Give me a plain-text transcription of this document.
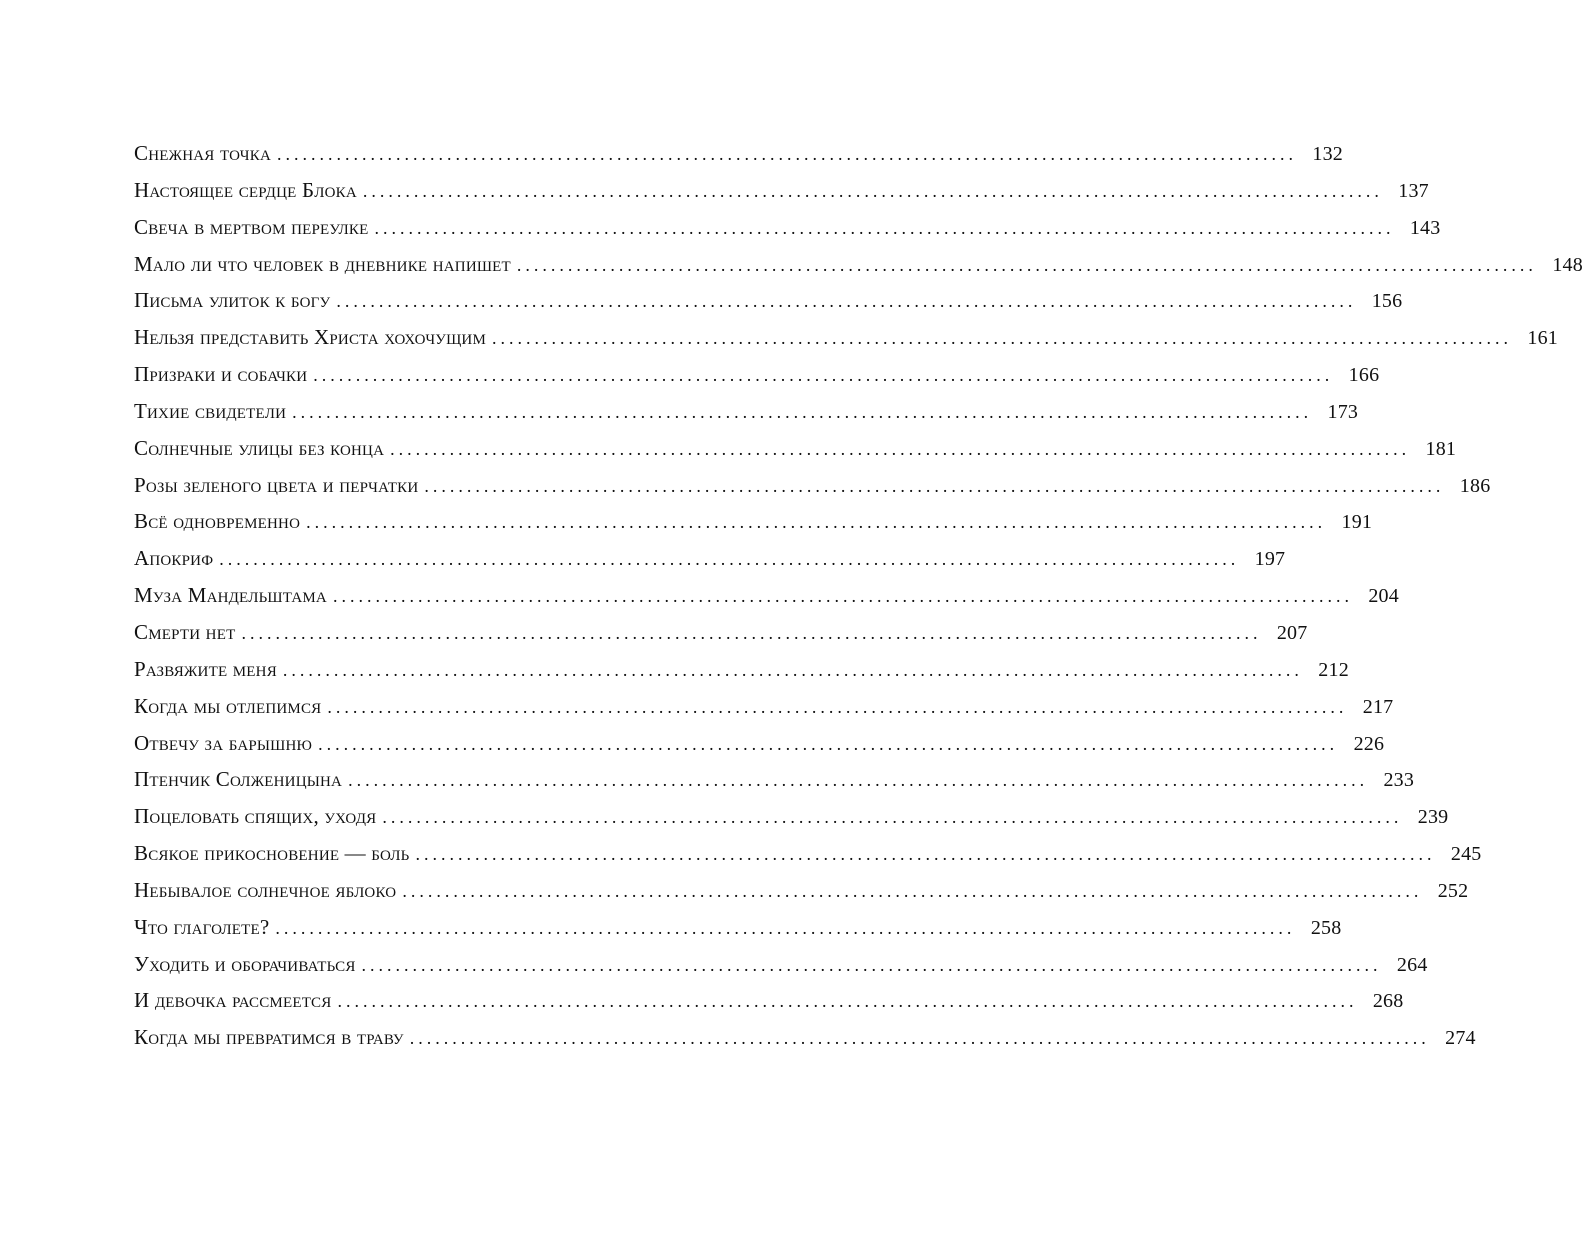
Снежная точка ........................................................................................................................ 132
Настоящее сердце Блока ........................................................................................................................ 137
Свеча в мертвом переулке ........................................................................................................................ 143
Мало ли что человек в дневнике напишет ........................................................................................................................ 148
Письма улиток к богу ........................................................................................................................ 156
Нельзя представить Христа хохочущим ........................................................................................................................ 161
Призраки и собачки ........................................................................................................................ 166
Тихие свидетели ........................................................................................................................ 173
Солнечные улицы без конца ........................................................................................................................ 181
Розы зеленого цвета и перчатки ........................................................................................................................ 186
Всё одновременно ........................................................................................................................ 191
Апокриф ........................................................................................................................ 197
Муза Мандельштама ........................................................................................................................ 204
Смерти нет ........................................................................................................................ 207
Развяжите меня ........................................................................................................................ 212
Когда мы отлепимся ........................................................................................................................ 217
Отвечу за барышню ........................................................................................................................ 226
Птенчик Солженицына ........................................................................................................................ 233
Поцеловать спящих, уходя ........................................................................................................................ 239
Всякое прикосновение — боль ........................................................................................................................ 245
Небывалое солнечное яблоко ........................................................................................................................ 252
Что глаголете? ........................................................................................................................ 258
Уходить и оборачиваться ........................................................................................................................ 264
И девочка рассмеется ........................................................................................................................ 268
Когда мы превратимся в траву ........................................................................................................................ 274
